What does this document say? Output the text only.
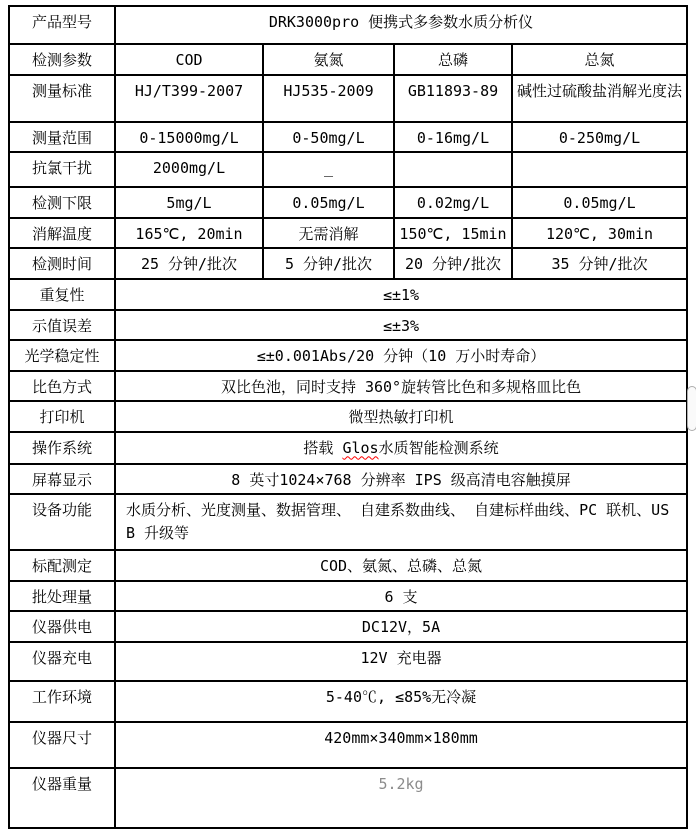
产品型号	DRK3000pro 便携式多参数水质分析仪			
检测参数	COD	氨氮	总磷	总氮
测量标准	HJ/T399-2007	HJ535-2009	GB11893-89	碱性过硫酸盐消解光度法
测量范围	0-15000mg/L	0-50mg/L	0-16mg/L	0-250mg/L
抗氯干扰	2000mg/L	_		
检测下限	5mg/L	0.05mg/L	0.02mg/L	0.05mg/L
消解温度	165℃, 20min	无需消解	150℃, 15min	120℃, 30min
检测时间	25 分钟/批次	5 分钟/批次	20 分钟/批次	35 分钟/批次
重复性	≤±1%			
示值误差	≤±3%			
光学稳定性	≤±0.001Abs/20 分钟（10 万小时寿命）			
比色方式	双比色池，同时支持 360°旋转管比色和多规格皿比色			
打印机	微型热敏打印机			
操作系统	搭载 Glos水质智能检测系统			
屏幕显示	8 英寸1024×768 分辨率 IPS 级高清电容触摸屏			
设备功能	水质分析、光度测量、数据管理、 自建系数曲线、 自建标样曲线、PC 联机、USB 升级等			
标配测定	COD、氨氮、总磷、总氮			
批处理量	6 支			
仪器供电	DC12V，5A			
仪器充电	12V 充电器			
工作环境	5-40℃, ≤85%无冷凝			
仪器尺寸	420mm×340mm×180mm			
仪器重量	5.2kg			
